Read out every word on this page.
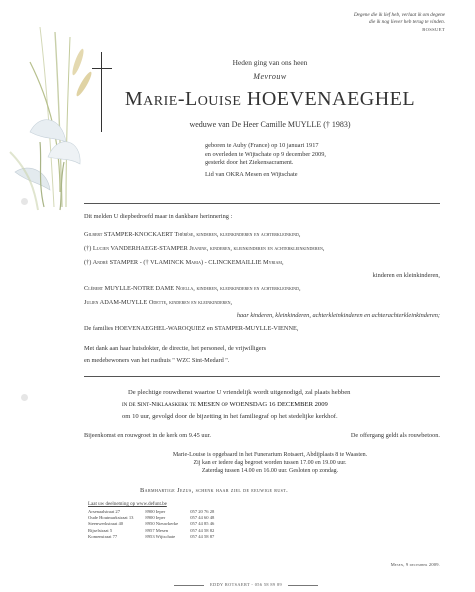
Degene die ik lief heb, verlaat ik om degene
die ik nog liever heb terug te vinden.
BOSSUET
Heden ging van ons heen
Mevrouw
Marie-Louise HOEVENAEGHEL
weduwe van De Heer Camille MUYLLE († 1983)
geboren te Auby (France) op 10 januari 1917
en overleden te Wijtschate op 9 december 2009,
gesterkt door het Ziekensacrament.
Lid van OKRA Mesen en Wijtschate
Dit melden U diepbedroefd maar in dankbare herinnering :
Gilbert STAMPER-KNOCKAERT Thérèse, kinderen, kleinkinderen en achterkleinkind,
(†) Lucien VANDERHAEGE-STAMPER Jeanine, kinderen, kleinkinderen en achterkleinkinderen,
(†) André STAMPER - († VLAMINCK Maria) - CLINCKEMAILLIE Myriam,
kinderen en kleinkinderen,
Clébert MUYLLE-NOTRE DAME Noella, kinderen, kleinkinderen en achterkleinkind,
Julien ADAM-MUYLLE Odette, kinderen en kleinkinderen,
haar kinderen, kleinkinderen, achterkleinkinderen en achterachterkleinkinderen;
De families HOEVENAEGHEL-WAROQUIEZ en STAMPER-MUYLLE-VIENNE,
Met dank aan haar huisdokter, de directie, het personeel, de vrijwilligers
en medebewoners van het rusthuis " WZC Sint-Medard ".
De plechtige rouwdienst waartoe U vriendelijk wordt uitgenodigd, zal plaats hebben
in de Sint-Niklaaskerk te MESEN op WOENSDAG 16 DECEMBER 2009
om 10 uur, gevolgd door de bijzetting in het familiegraf op het stedelijke kerkhof.
Bijeenkomst en rouwgroet in de kerk om 9.45 uur.	De offergang geldt als rouwbetoon.
Marie-Louise is opgebaard in het Funerarium Rotsaert, Abdijplaats 8 te Waasten.
Zij kan er iedere dag begroet worden tussen 17.00 en 19.00 uur.
Zaterdag tussen 14.00 en 16.00 uur. Gesloten op zondag.
Barmhartige Jezus, schenk haar ziel de eeuwige rust.
Laat uw deelneming op www.defunt.be
Arsenaalstraat 27	8900 Ieper	057 20 76 28
Oude Houtmarkstraat 13	8900 Ieper	057 44 60 48
Steenwerkstraat 40	8950 Nieuwkerke	057 44 85 46
Rijselstraat 5	8957 Mesen	057 44 58 82
Komenstraat 77	8953 Wijtschate	057 44 58 87
Mesen, 9 december 2009.
EDDY ROTSAERT - 056 58 89 89
